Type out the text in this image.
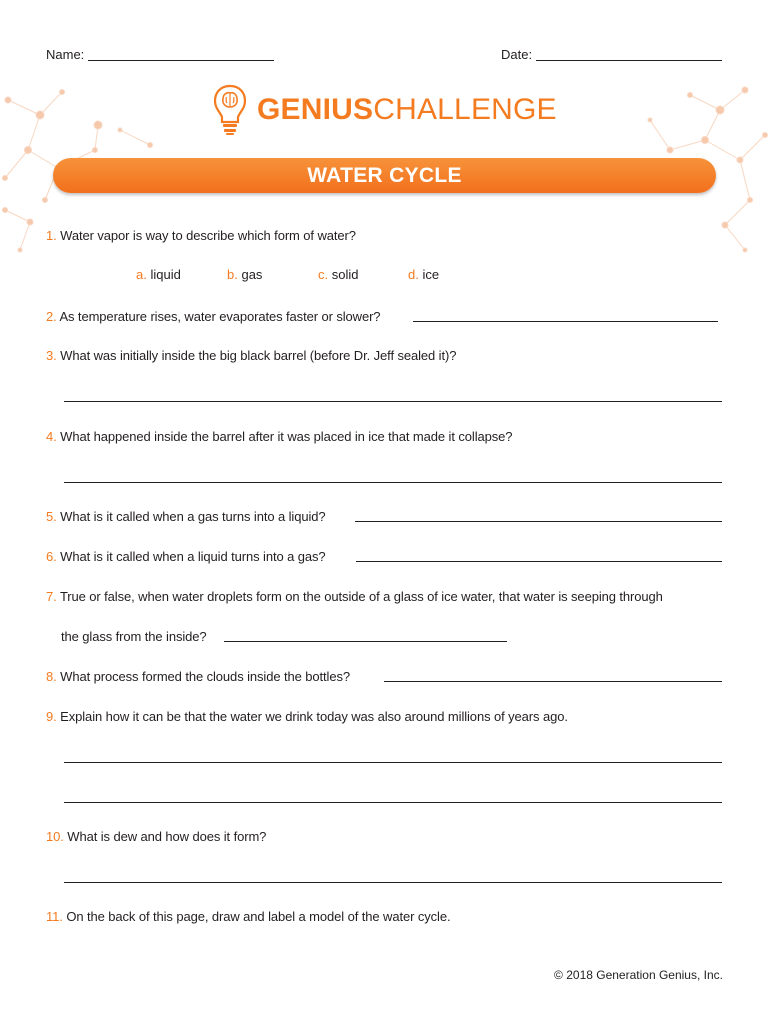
Name:	Date:
GENIUSCHALLENGE
WATER CYCLE
1. Water vapor is way to describe which form of water?
a. liquid	b. gas	c. solid	d. ice
2. As temperature rises, water evaporates faster or slower?
3. What was initially inside the big black barrel (before Dr. Jeff sealed it)?
4. What happened inside the barrel after it was placed in ice that made it collapse?
5. What is it called when a gas turns into a liquid?
6. What is it called when a liquid turns into a gas?
7. True or false, when water droplets form on the outside of a glass of ice water, that water is seeping through
the glass from the inside?
8. What process formed the clouds inside the bottles?
9. Explain how it can be that the water we drink today was also around millions of years ago.
10. What is dew and how does it form?
11. On the back of this page, draw and label a model of the water cycle.
© 2018 Generation Genius, Inc.
